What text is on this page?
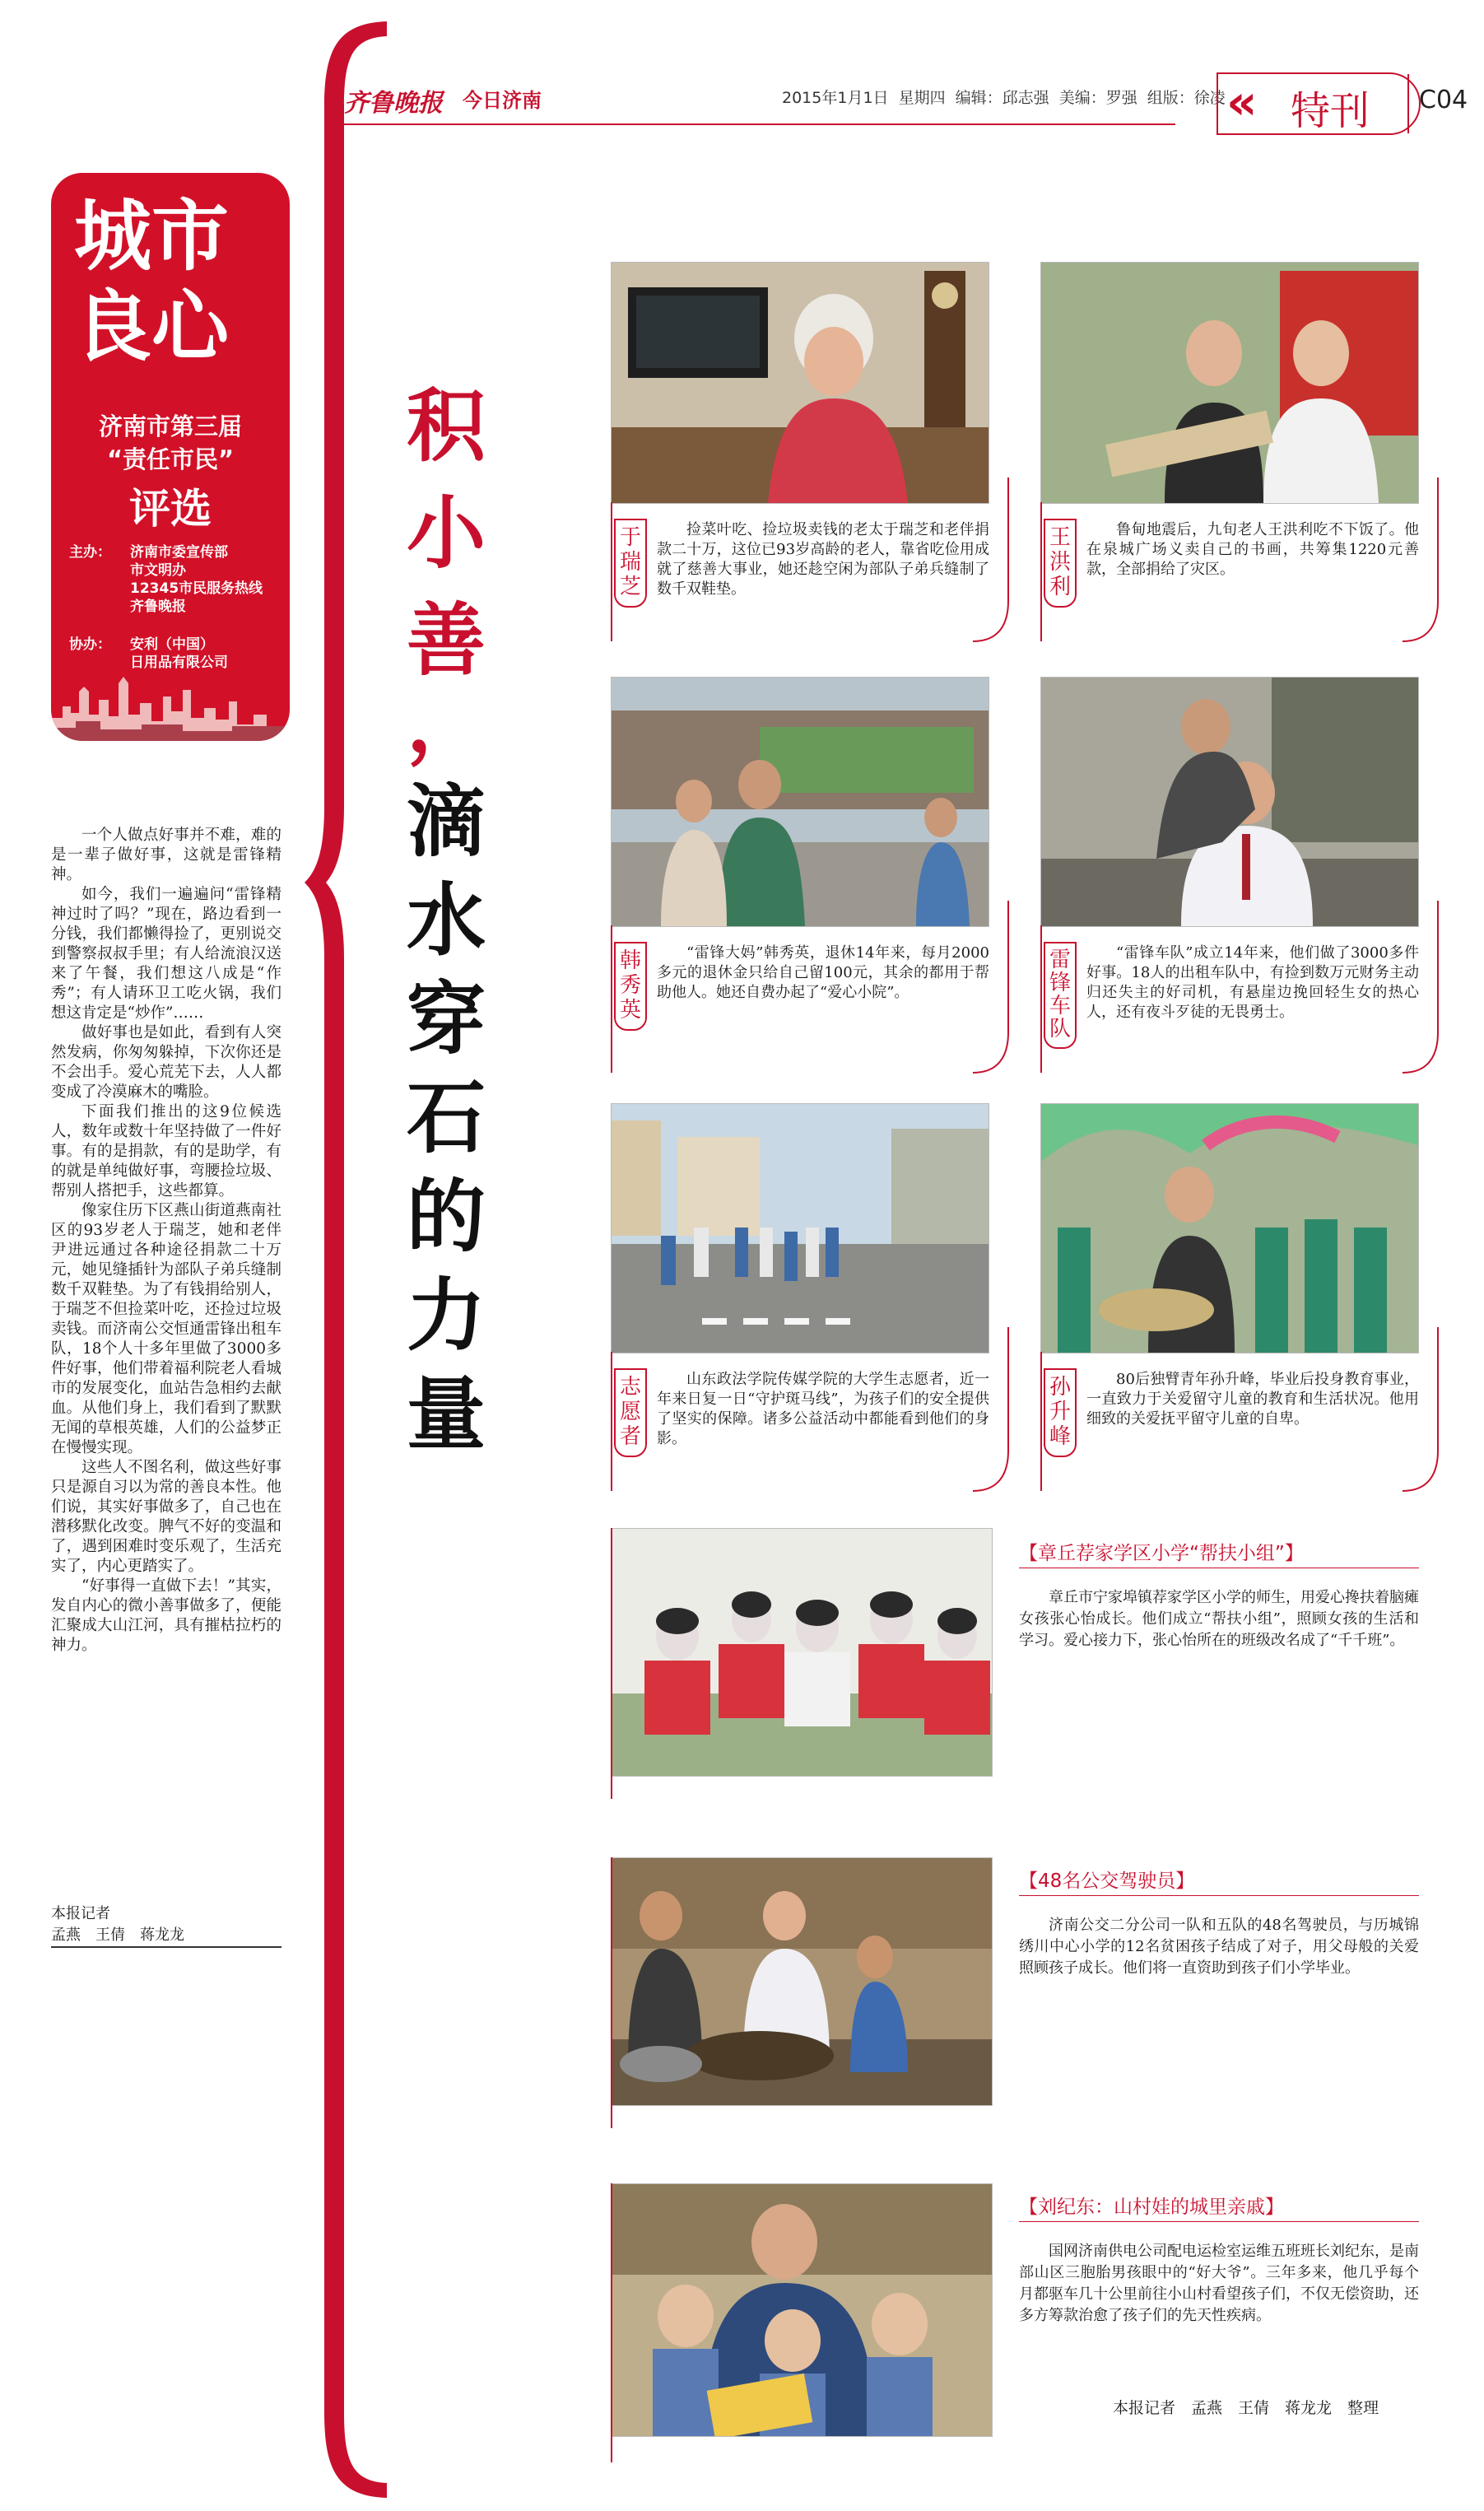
齐鲁晚报 今日济南	2015年1月1日 星期四 编辑：邱志强 美编：罗强 组版：徐凌 « 特刊 C04
城市
良心
济南市第三届
“责任市民”
评选
主办： 济南市委宣传部
市文明办
12345市民服务热线
齐鲁晚报
协办： 安利（中国）
日用品有限公司

一个人做点好事并不难，难的是一辈子做好事，这就是雷锋精神。

如今，我们一遍遍问“雷锋精神过时了吗？”现在，路边看到一分钱，我们都懒得捡了，更别说交到警察叔叔手里；有人给流浪汉送来了午餐，我们想这八成是“作秀”；有人请环卫工吃火锅，我们想这肯定是“炒作”……

做好事也是如此，看到有人突然发病，你匆匆躲掉，下次你还是不会出手。爱心荒芜下去，人人都变成了冷漠麻木的嘴脸。

下面我们推出的这9位候选人，数年或数十年坚持做了一件好事。有的是捐款，有的是助学，有的就是单纯做好事，弯腰捡垃圾、帮别人搭把手，这些都算。

像家住历下区燕山街道燕南社区的93岁老人于瑞芝，她和老伴尹进远通过各种途径捐款二十万元，她见缝插针为部队子弟兵缝制数千双鞋垫。为了有钱捐给别人，于瑞芝不但捡菜叶吃，还捡过垃圾卖钱。而济南公交恒通雷锋出租车队，18个人十多年里做了3000多件好事，他们带着福利院老人看城市的发展变化，血站告急相约去献血。从他们身上，我们看到了默默无闻的草根英雄，人们的公益梦正在慢慢实现。

这些人不图名利，做这些好事只是源自习以为常的善良本性。他们说，其实好事做多了，自己也在潜移默化改变。脾气不好的变温和了，遇到困难时变乐观了，生活充实了，内心更踏实了。

“好事得一直做下去！”其实，发自内心的微小善事做多了，便能汇聚成大山江河，具有摧枯拉朽的神力。

本报记者
孟燕　王倩　蒋龙龙
积
小
善
，
滴
水
穿
石
的
力
量
于瑞芝
捡菜叶吃、捡垃圾卖钱的老太于瑞芝和老伴捐款二十万，这位已93岁高龄的老人，靠省吃俭用成就了慈善大事业，她还趁空闲为部队子弟兵缝制了数千双鞋垫。
王洪利
鲁甸地震后，九旬老人王洪利吃不下饭了。他在泉城广场义卖自己的书画，共筹集1220元善款，全部捐给了灾区。
韩秀英
“雷锋大妈”韩秀英，退休14年来，每月2000多元的退休金只给自己留100元，其余的都用于帮助他人。她还自费办起了“爱心小院”。
雷锋车队
“雷锋车队”成立14年来，他们做了3000多件好事。18人的出租车队中，有捡到数万元财务主动归还失主的好司机，有悬崖边挽回轻生女的热心人，还有夜斗歹徒的无畏勇士。
志愿者
山东政法学院传媒学院的大学生志愿者，近一年来日复一日“守护斑马线”，为孩子们的安全提供了坚实的保障。诸多公益活动中都能看到他们的身影。
孙升峰
80后独臂青年孙升峰，毕业后投身教育事业，一直致力于关爱留守儿童的教育和生活状况。他用细致的关爱抚平留守儿童的自卑。
【章丘荐家学区小学“帮扶小组”】
章丘市宁家埠镇荐家学区小学的师生，用爱心搀扶着脑瘫女孩张心怡成长。他们成立“帮扶小组”，照顾女孩的生活和学习。爱心接力下，张心怡所在的班级改名成了“千千班”。
【48名公交驾驶员】
济南公交二分公司一队和五队的48名驾驶员，与历城锦绣川中心小学的12名贫困孩子结成了对子，用父母般的关爱照顾孩子成长。他们将一直资助到孩子们小学毕业。
【刘纪东：山村娃的城里亲戚】
国网济南供电公司配电运检室运维五班班长刘纪东，是南部山区三胞胎男孩眼中的“好大爷”。三年多来，他几乎每个月都驱车几十公里前往小山村看望孩子们，不仅无偿资助，还多方筹款治愈了孩子们的先天性疾病。
本报记者　孟燕　王倩　蒋龙龙　整理
